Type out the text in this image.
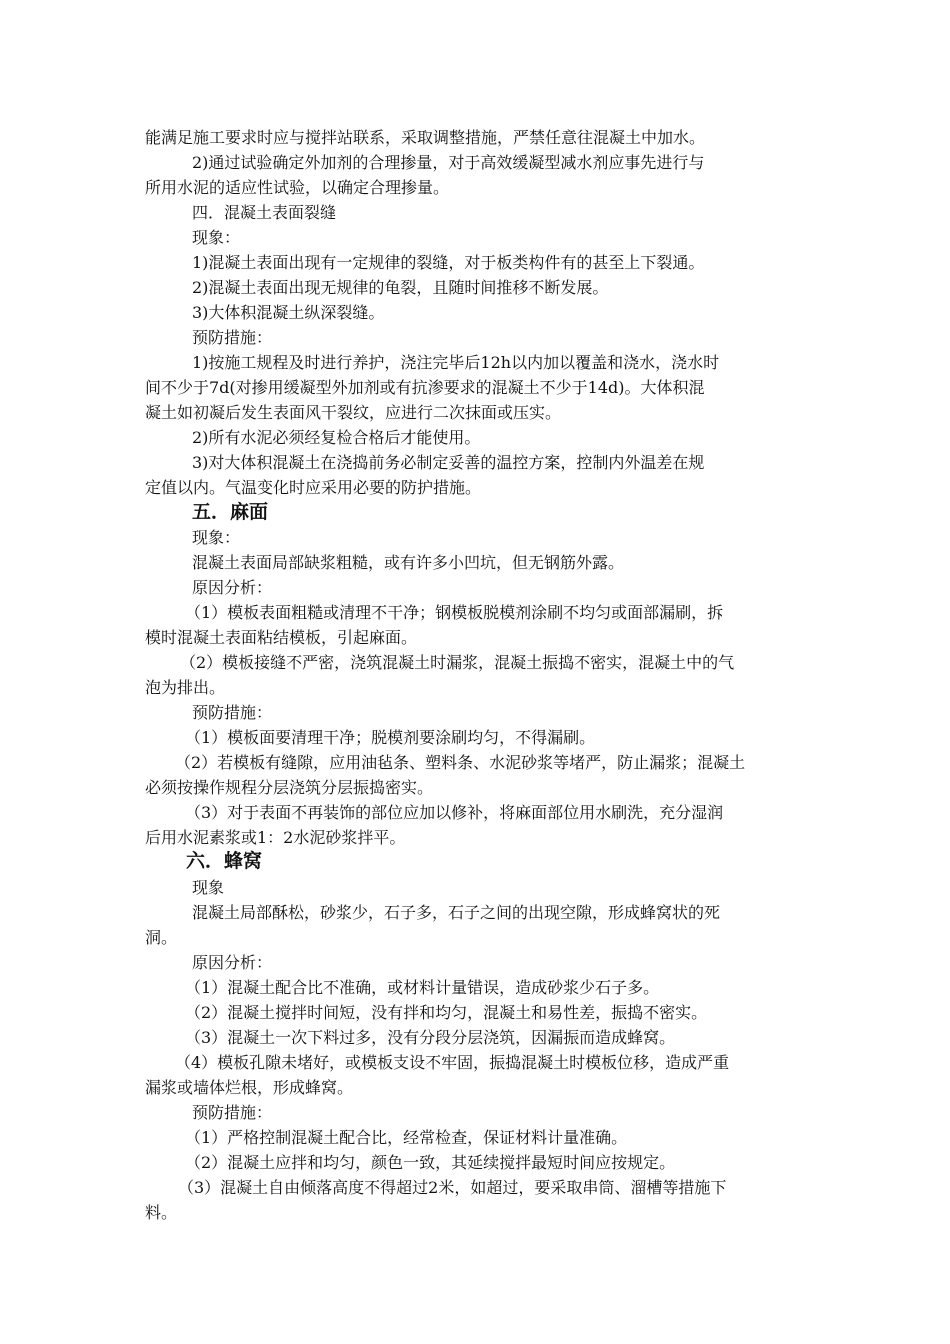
能满足施工要求时应与搅拌站联系，采取调整措施，严禁任意往混凝土中加水。

2)通过试验确定外加剂的合理掺量，对于高效缓凝型减水剂应事先进行与

所用水泥的适应性试验，以确定合理掺量。

四．混凝土表面裂缝

现象：

1)混凝土表面出现有一定规律的裂缝，对于板类构件有的甚至上下裂通。

2)混凝土表面出现无规律的龟裂，且随时间推移不断发展。

3)大体积混凝土纵深裂缝。

预防措施：

1)按施工规程及时进行养护，浇注完毕后12h以内加以覆盖和浇水，浇水时

间不少于7d(对掺用缓凝型外加剂或有抗渗要求的混凝土不少于14d)。大体积混

凝土如初凝后发生表面风干裂纹，应进行二次抹面或压实。

2)所有水泥必须经复检合格后才能使用。

3)对大体积混凝土在浇捣前务必制定妥善的温控方案，控制内外温差在规

定值以内。气温变化时应采用必要的防护措施。

五．麻面

现象：

混凝土表面局部缺浆粗糙，或有许多小凹坑，但无钢筋外露。

原因分析：

（1）模板表面粗糙或清理不干净；钢模板脱模剂涂刷不均匀或面部漏刷，拆

模时混凝土表面粘结模板，引起麻面。

（2）模板接缝不严密，浇筑混凝土时漏浆，混凝土振捣不密实，混凝土中的气

泡为排出。

预防措施：

（1）模板面要清理干净；脱模剂要涂刷均匀，不得漏刷。

（2）若模板有缝隙，应用油毡条、塑料条、水泥砂浆等堵严，防止漏浆；混凝土

必须按操作规程分层浇筑分层振捣密实。

（3）对于表面不再装饰的部位应加以修补，将麻面部位用水刷洗，充分湿润

后用水泥素浆或1：2水泥砂浆拌平。

六．蜂窝

现象

混凝土局部酥松，砂浆少，石子多，石子之间的出现空隙，形成蜂窝状的死

洞。

原因分析：

（1）混凝土配合比不准确，或材料计量错误，造成砂浆少石子多。

（2）混凝土搅拌时间短，没有拌和均匀，混凝土和易性差，振捣不密实。

（3）混凝土一次下料过多，没有分段分层浇筑，因漏振而造成蜂窝。

（4）模板孔隙未堵好，或模板支设不牢固，振捣混凝土时模板位移，造成严重

漏浆或墙体烂根，形成蜂窝。

预防措施：

（1）严格控制混凝土配合比，经常检查，保证材料计量准确。

（2）混凝土应拌和均匀，颜色一致，其延续搅拌最短时间应按规定。

（3）混凝土自由倾落高度不得超过2米，如超过，要采取串筒、溜槽等措施下

料。
